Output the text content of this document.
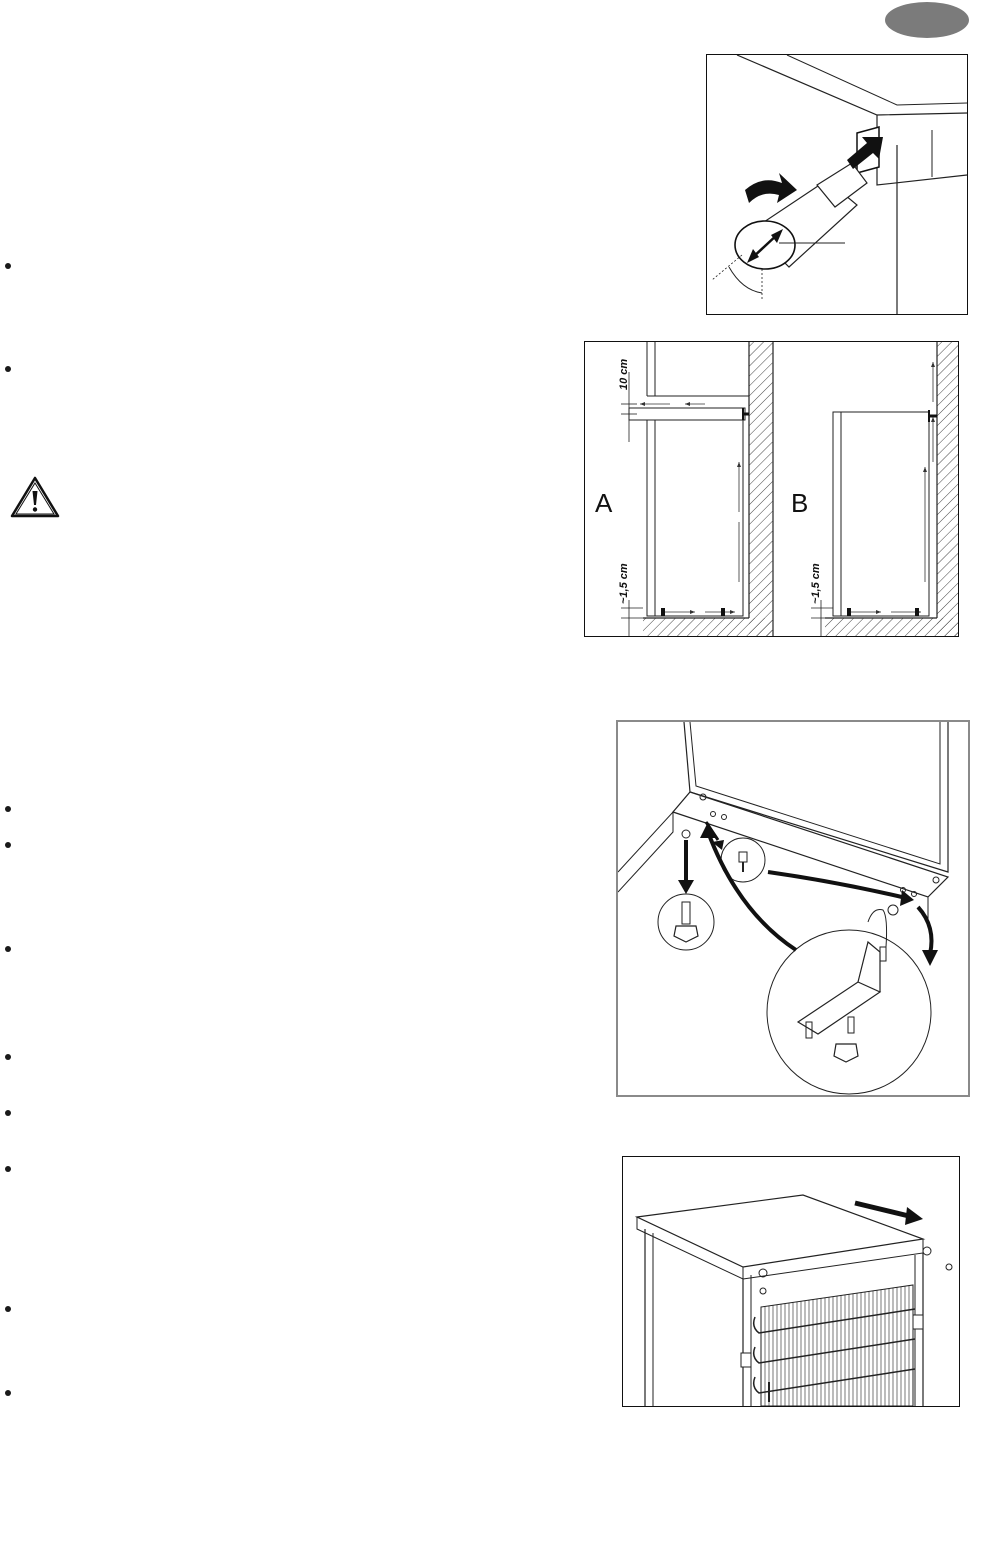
A
10 cm
~1,5 cm
B
~1,5 cm
